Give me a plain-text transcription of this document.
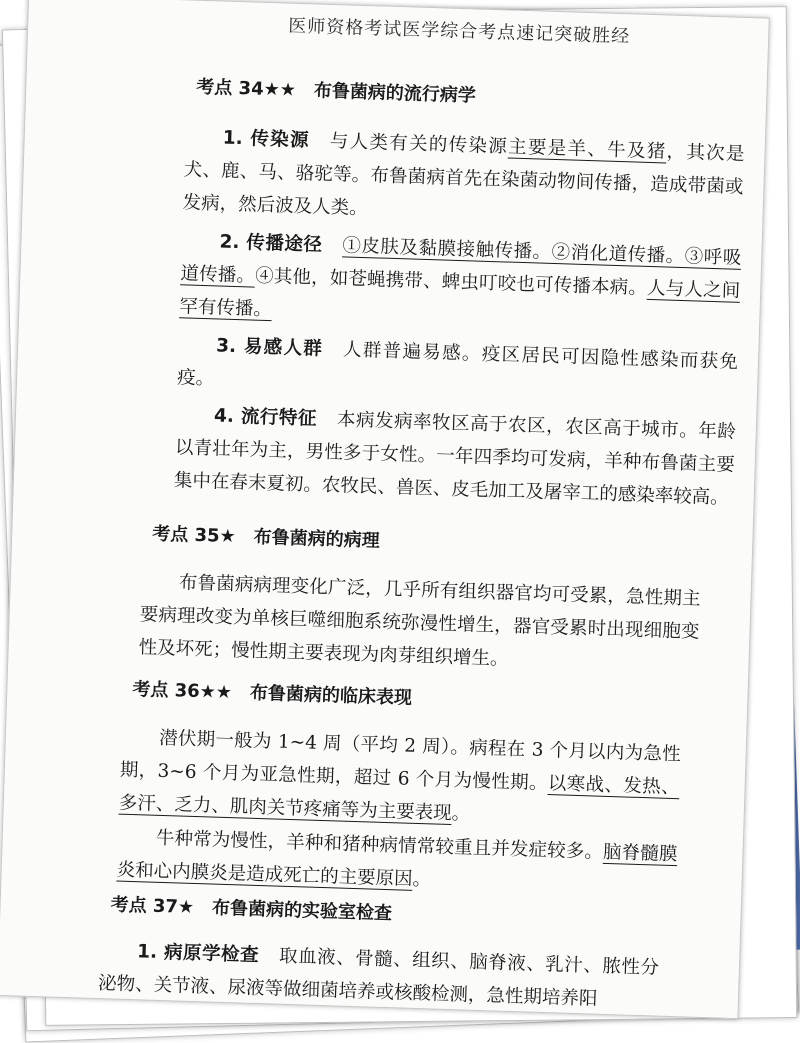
医师资格考试医学综合考点速记突破胜经
考点 34★★ 布鲁菌病的流行病学
1. 传染源 与人类有关的传染源主要是羊、牛及猪，其次是犬、鹿、马、骆驼等。布鲁菌病首先在染菌动物间传播，造成带菌或发病，然后波及人类。
2. 传播途径 ①皮肤及黏膜接触传播。②消化道传播。③呼吸道传播。④其他，如苍蝇携带、蜱虫叮咬也可传播本病。人与人之间罕有传播。
3. 易感人群 人群普遍易感。疫区居民可因隐性感染而获免疫。
4. 流行特征 本病发病率牧区高于农区，农区高于城市。年龄以青壮年为主，男性多于女性。一年四季均可发病，羊种布鲁菌主要集中在春末夏初。农牧民、兽医、皮毛加工及屠宰工的感染率较高。
考点 35★ 布鲁菌病的病理
布鲁菌病病理变化广泛，几乎所有组织器官均可受累，急性期主要病理改变为单核巨噬细胞系统弥漫性增生，器官受累时出现细胞变性及坏死；慢性期主要表现为肉芽组织增生。
考点 36★★ 布鲁菌病的临床表现
潜伏期一般为 1~4 周（平均 2 周）。病程在 3 个月以内为急性期，3~6 个月为亚急性期，超过 6 个月为慢性期。以寒战、发热、多汗、乏力、肌肉关节疼痛等为主要表现。
牛种常为慢性，羊种和猪种病情常较重且并发症较多。脑脊髓膜炎和心内膜炎是造成死亡的主要原因。
考点 37★ 布鲁菌病的实验室检查
1. 病原学检查 取血液、骨髓、组织、脑脊液、乳汁、脓性分泌物、关节液、尿液等做细菌培养或核酸检测，急性期培养阳
